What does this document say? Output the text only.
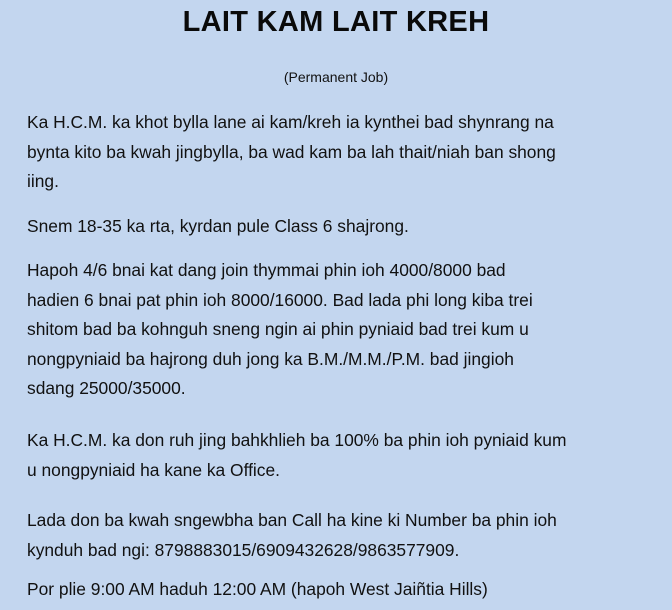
LAIT KAM LAIT KREH
(Permanent Job)

Ka H.C.M. ka khot bylla lane ai kam/kreh ia kynthei bad shynrang na
bynta kito ba kwah jingbylla, ba wad kam ba lah thait/niah ban shong
iing.

Snem 18-35 ka rta, kyrdan pule Class 6 shajrong.

Hapoh 4/6 bnai kat dang join thymmai phin ioh 4000/8000 bad
hadien 6 bnai pat phin ioh 8000/16000. Bad lada phi long kiba trei
shitom bad ba kohnguh sneng ngin ai phin pyniaid bad trei kum u
nongpyniaid ba hajrong duh jong ka B.M./M.M./P.M. bad jingioh
sdang 25000/35000.

Ka H.C.M. ka don ruh jing bahkhlieh ba 100% ba phin ioh pyniaid kum
u nongpyniaid ha kane ka Office.

Lada don ba kwah sngewbha ban Call ha kine ki Number ba phin ioh
kynduh bad ngi: 8798883015/6909432628/9863577909.

Por plie 9:00 AM haduh 12:00 AM (hapoh West Jaiñtia Hills)
